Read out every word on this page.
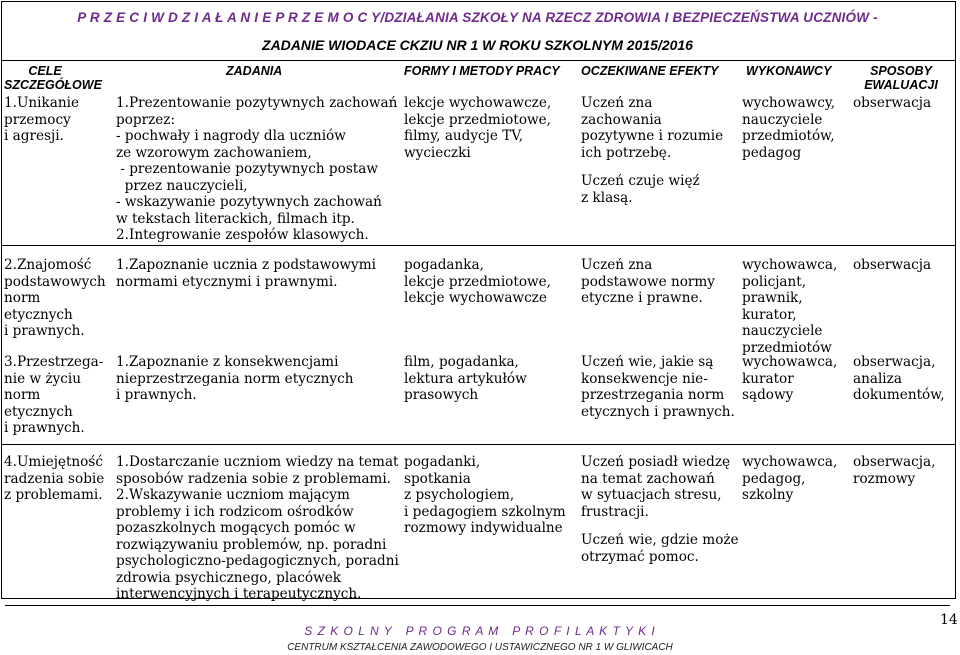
P R Z E C I W D Z I A Ł A N I E P R Z E M O C Y/DZIAŁANIA SZKOŁY NA RZECZ ZDROWIA I BEZPIECZEŃSTWA UCZNIÓW -
ZADANIE WIODACE CKZIU NR 1 W ROKU SZKOLNYM 2015/2016
CELE
SZCZEGÓŁOWE
ZADANIA	FORMY I METODY PRACY OCZEKIWANE EFEKTY WYKONAWCY	SPOSOBY
EWALUACJI
1.Unikanie
przemocy
i agresji.
1.Prezentowanie pozytywnych zachowań
poprzez:
- pochwały i nagrody dla uczniów
ze wzorowym zachowaniem,
- prezentowanie pozytywnych postaw
przez nauczycieli,
- wskazywanie pozytywnych zachowań
w tekstach literackich, filmach itp.
2.Integrowanie zespołów klasowych.
lekcje wychowawcze,
lekcje przedmiotowe,
filmy, audycje TV,
wycieczki
Uczeń zna
zachowania
pozytywne i rozumie
ich potrzebę.
Uczeń czuje więź
z klasą.
wychowawcy,
nauczyciele
przedmiotów,
pedagog
obserwacja
2.Znajomość
podstawowych
norm
etycznych
i prawnych.
1.Zapoznanie ucznia z podstawowymi
normami etycznymi i prawnymi.
pogadanka,
lekcje przedmiotowe,
lekcje wychowawcze
Uczeń zna
podstawowe normy
etyczne i prawne.
wychowawca,
policjant,
prawnik,
kurator,
nauczyciele
przedmiotów
obserwacja
3.Przestrzega-
nie w życiu
norm
etycznych
i prawnych.
1.Zapoznanie z konsekwencjami
nieprzestrzegania norm etycznych
i prawnych.
film, pogadanka,
lektura artykułów
prasowych
Uczeń wie, jakie są
konsekwencje nie-
przestrzegania norm
etycznych i prawnych.
wychowawca,
kurator
sądowy
obserwacja,
analiza
dokumentów,
4.Umiejętność
radzenia sobie
z problemami.
1.Dostarczanie uczniom wiedzy na temat
sposobów radzenia sobie z problemami.
2.Wskazywanie uczniom mającym
problemy i ich rodzicom ośrodków
pozaszkolnych mogących pomóc w
rozwiązywaniu problemów, np. poradni
psychologiczno-pedagogicznych, poradni
zdrowia psychicznego, placówek
interwencyjnych i terapeutycznych.
pogadanki,
spotkania
z psychologiem,
i pedagogiem szkolnym
rozmowy indywidualne
Uczeń posiadł wiedzę
na temat zachowań
w sytuacjach stresu,
frustracji.
Uczeń wie, gdzie może
otrzymać pomoc.
wychowawca,
pedagog,
szkolny
obserwacja,
rozmowy
14
S Z K O L N Y   P R O G R A M   P R O F I L A K T Y K I
CENTRUM KSZTAŁCENIA ZAWODOWEGO I USTAWICZNEGO NR 1 W GLIWICACH
